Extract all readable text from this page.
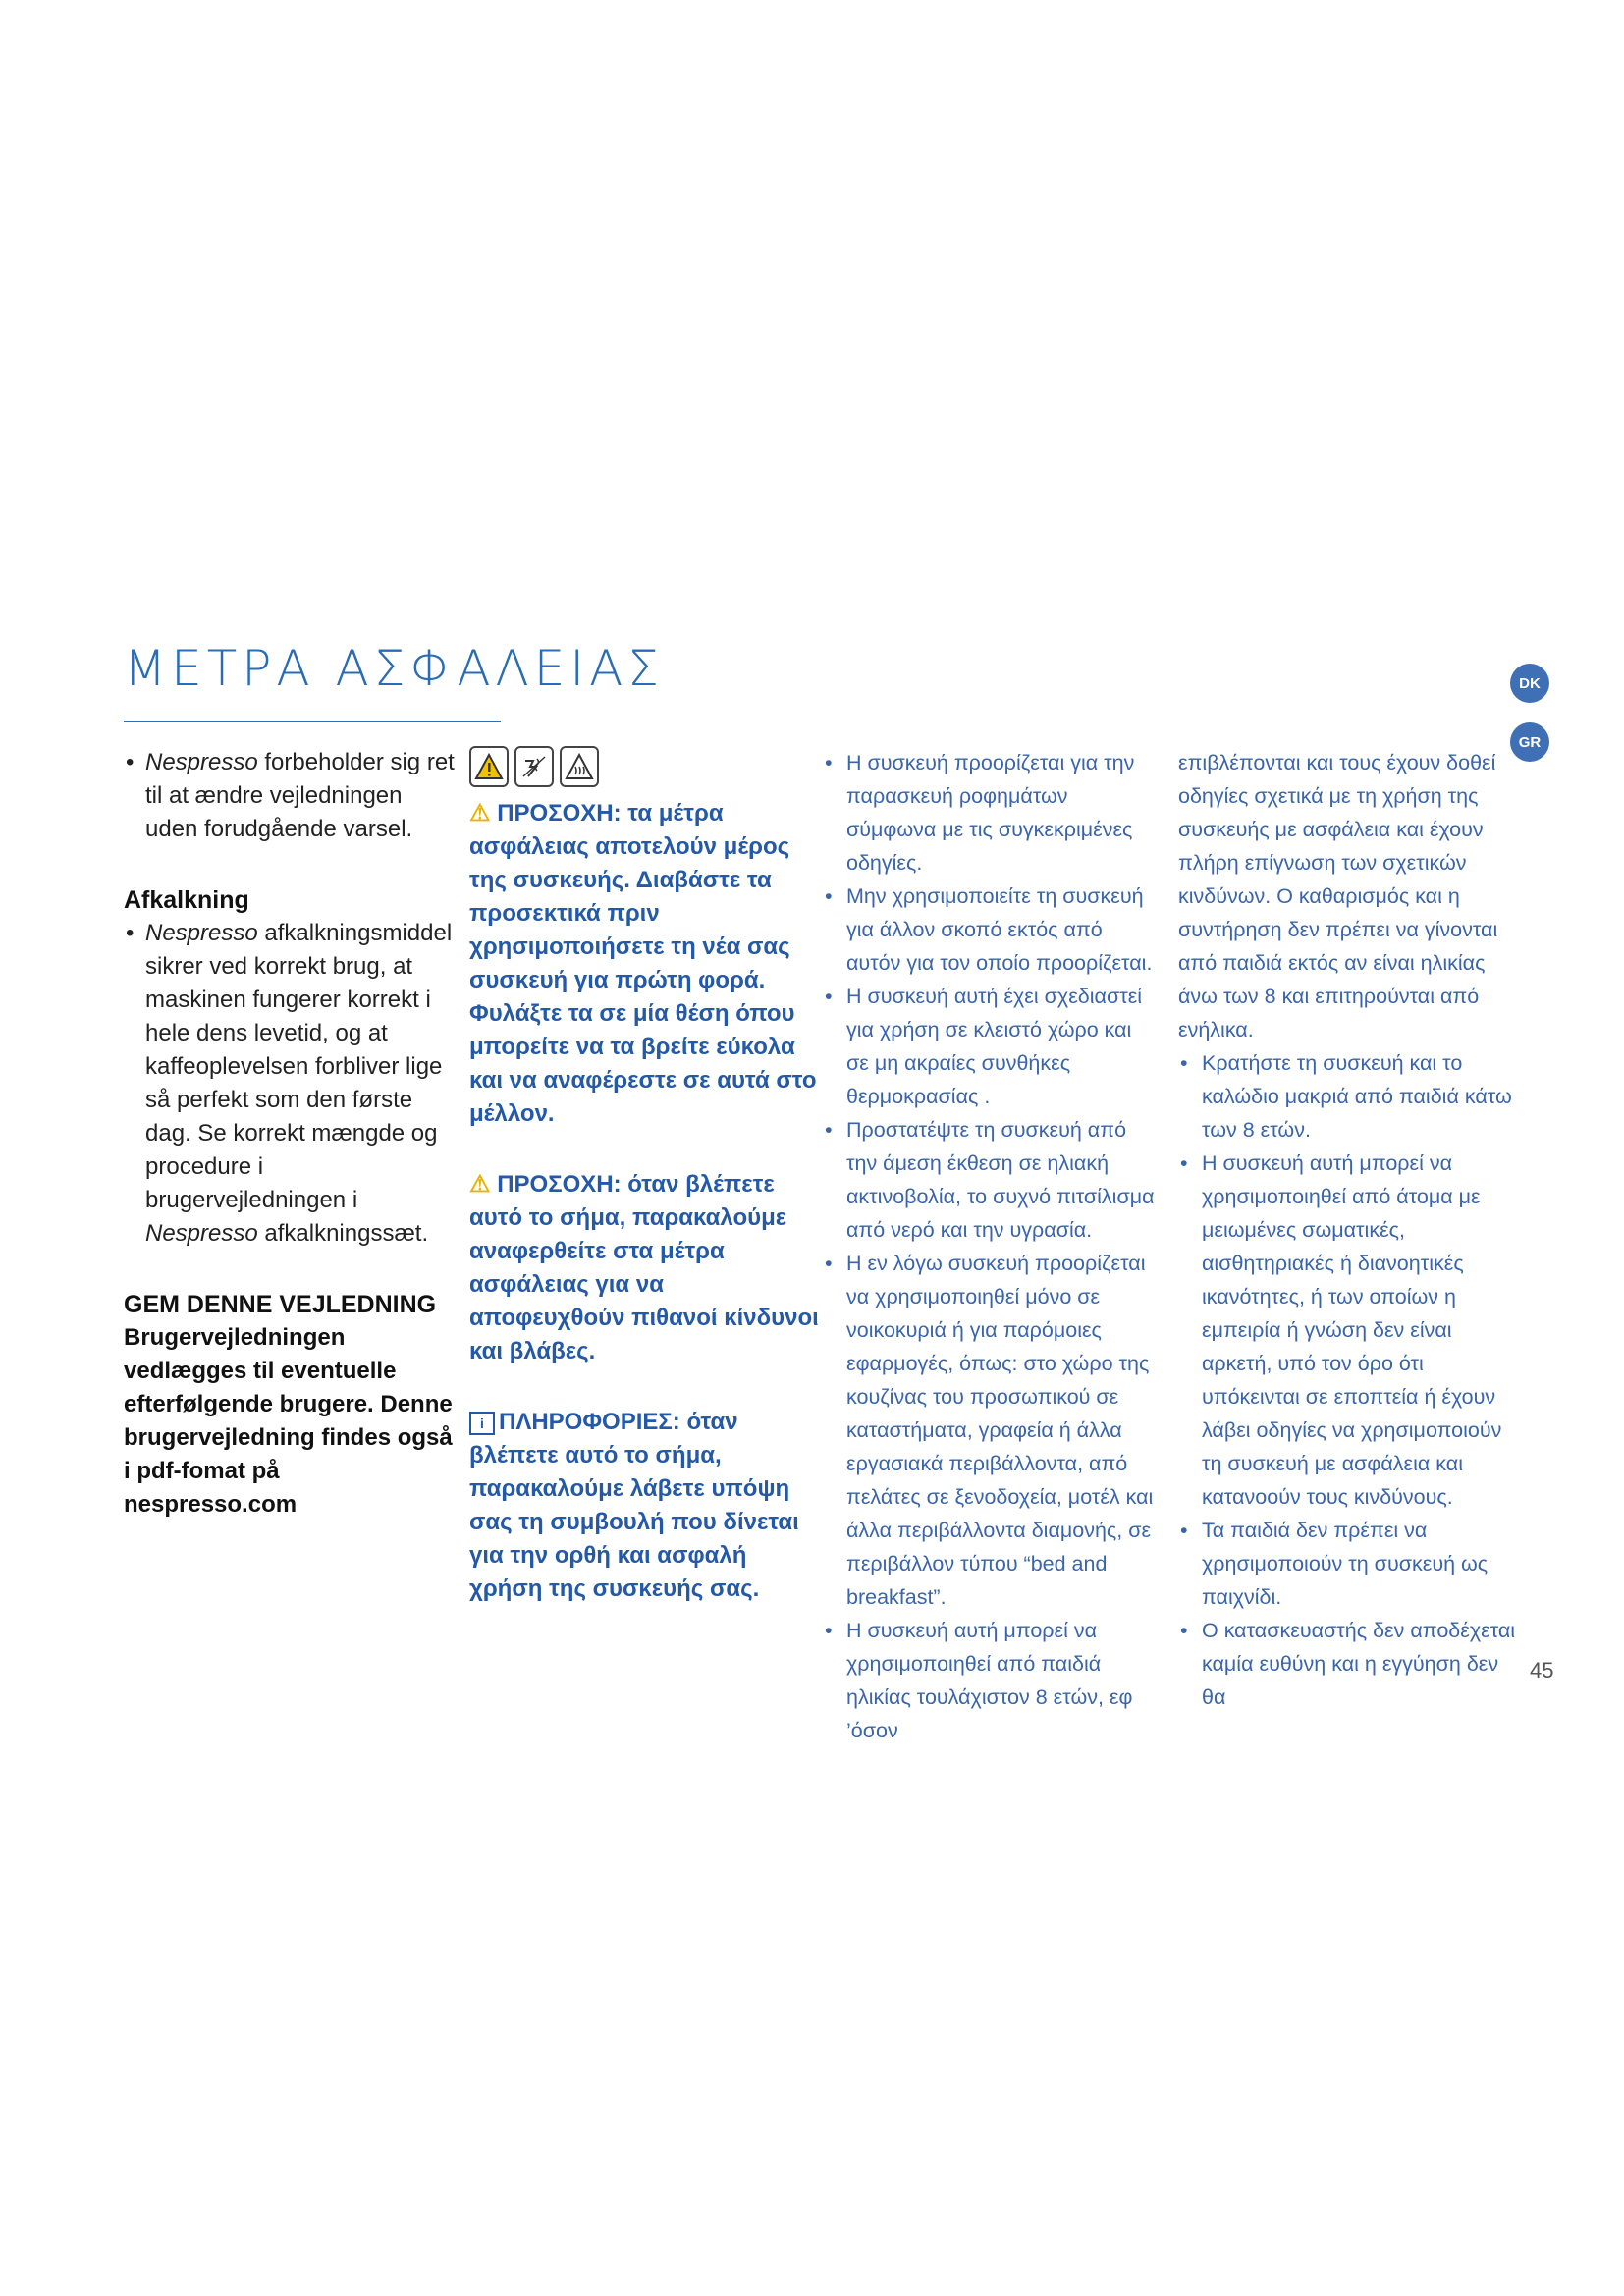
ΜΕΤΡΑ ΑΣΦΑΛΕΙΑΣ	DK
GR

• Nespresso forbeholder sig ret til at ændre vejledningen uden forudgående varsel.

Afkalkning

• Nespresso afkalkningsmiddel sikrer ved korrekt brug, at maskinen fungerer korrekt i hele dens levetid, og at kaffeoplevelsen forbliver lige så perfekt som den første dag. Se korrekt mængde og procedure i brugervejledningen i Nespresso afkalkningssæt.

GEM DENNE VEJLEDNING

Brugervejledningen vedlægges til eventuelle efterfølgende brugere. Denne brugervejledning findes også i pdf-fomat på nespresso.com

⚠ ΠΡΟΣΟΧΗ: τα μέτρα ασφάλειας αποτελούν μέρος της συσκευής. Διαβάστε τα προσεκτικά πριν χρησιμοποιήσετε τη νέα σας συσκευή για πρώτη φορά. Φυλάξτε τα σε μία θέση όπου μπορείτε να τα βρείτε εύκολα και να αναφέρεστε σε αυτά στο μέλλον.

⚠ ΠΡΟΣΟΧΗ: όταν βλέπετε αυτό το σήμα, παρακαλούμε αναφερθείτε στα μέτρα ασφάλειας για να αποφευχθούν πιθανοί κίνδυνοι και βλάβες.

i ΠΛΗΡΟΦΟΡΙΕΣ: όταν βλέπετε αυτό το σήμα, παρακαλούμε λάβετε υπόψη σας τη συμβουλή που δίνεται για την ορθή και ασφαλή χρήση της συσκευής σας.

• Η συσκευή προορίζεται για την παρασκευή ροφημάτων σύμφωνα με τις συγκεκριμένες οδηγίες.

• Μην χρησιμοποιείτε τη συσκευή για άλλον σκοπό εκτός από αυτόν για τον οποίο προορίζεται.

• Η συσκευή αυτή έχει σχεδιαστεί για χρήση σε κλειστό χώρο και σε μη ακραίες συνθήκες θερμοκρασίας .

• Προστατέψτε τη συσκευή από την άμεση έκθεση σε ηλιακή ακτινοβολία, το συχνό πιτσίλισμα από νερό και την υγρασία.

• Η εν λόγω συσκευή προορίζεται να χρησιμοποιηθεί μόνο σε νοικοκυριά ή για παρόμοιες εφαρμογές, όπως: στο χώρο της κουζίνας του προσωπικού σε καταστήματα, γραφεία ή άλλα εργασιακά περιβάλλοντα, από πελάτες σε ξενοδοχεία, μοτέλ και άλλα περιβάλλοντα διαμονής, σε περιβάλλον τύπου “bed and breakfast”.

• Η συσκευή αυτή μπορεί να χρησιμοποιηθεί από παιδιά ηλικίας τουλάχιστον 8 ετών, εφ ’όσον

επιβλέπονται και τους έχουν δοθεί οδηγίες σχετικά με τη χρήση της συσκευής με ασφάλεια και έχουν πλήρη επίγνωση των σχετικών κινδύνων. Ο καθαρισμός και η συντήρηση δεν πρέπει να γίνονται από παιδιά εκτός αν είναι ηλικίας άνω των 8 και επιτηρούνται από ενήλικα.

• Κρατήστε τη συσκευή και το καλώδιο μακριά από παιδιά κάτω των 8 ετών.

• Η συσκευή αυτή μπορεί να χρησιμοποιηθεί από άτομα με μειωμένες σωματικές, αισθητηριακές ή διανοητικές ικανότητες, ή των οποίων η εμπειρία ή γνώση δεν είναι αρκετή, υπό τον όρο ότι υπόκεινται σε εποπτεία ή έχουν λάβει οδηγίες να χρησιμοποιούν τη συσκευή με ασφάλεια και κατανοούν τους κινδύνους.

• Τα παιδιά δεν πρέπει να χρησιμοποιούν τη συσκευή ως παιχνίδι.

• Ο κατασκευαστής δεν αποδέχεται καμία ευθύνη και η εγγύηση δεν θα

45
